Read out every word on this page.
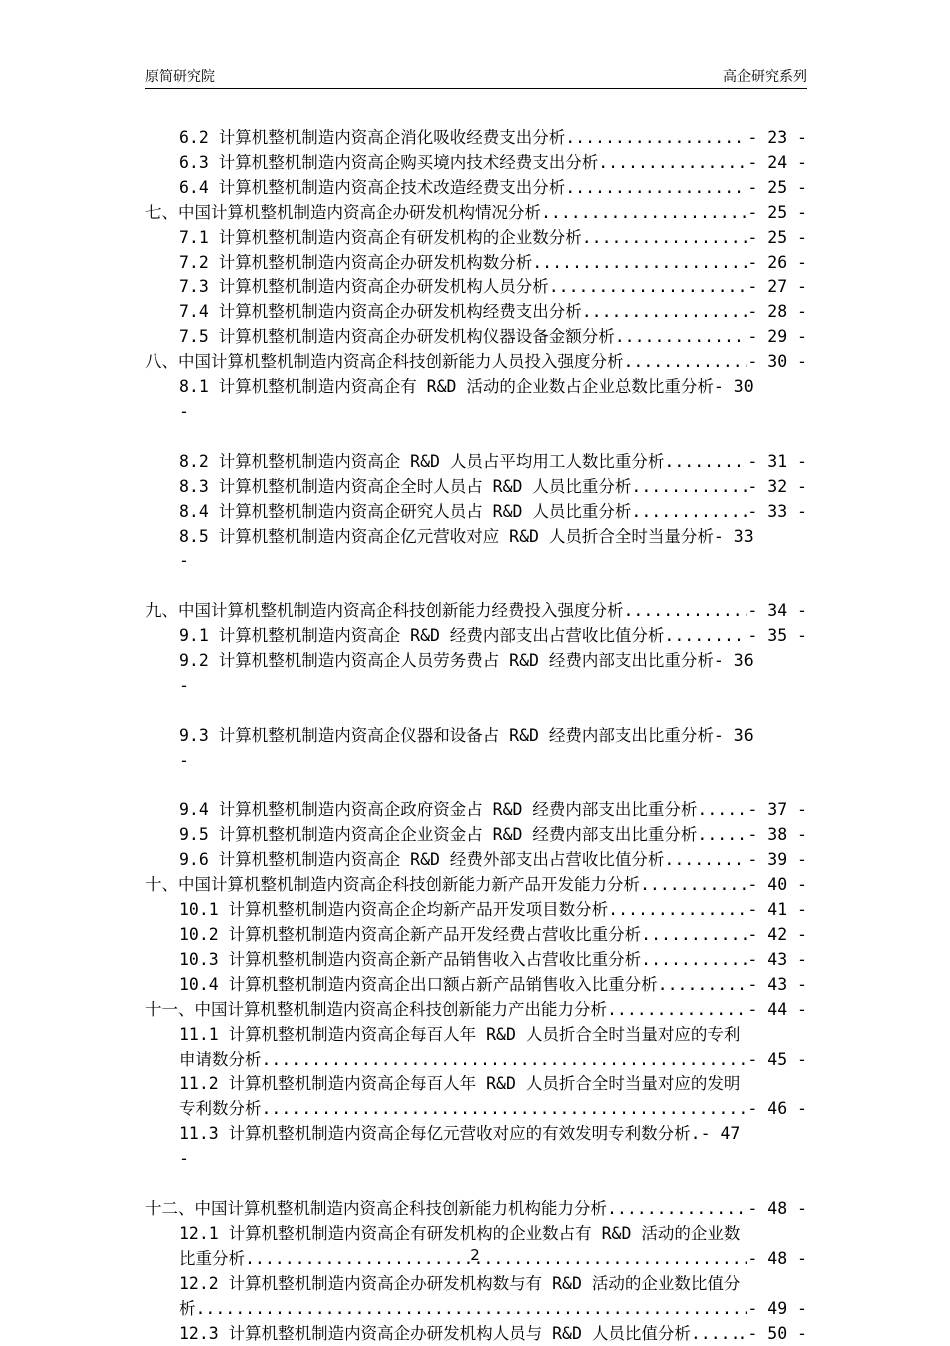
原简研究院	高企研究系列
6.2 计算机整机制造内资高企消化吸收经费支出分析 .....	- 23 -
6.3 计算机整机制造内资高企购买境内技术经费支出分析 .....	- 24 -
6.4 计算机整机制造内资高企技术改造经费支出分析 .....	- 25 -
七、中国计算机整机制造内资高企办研发机构情况分析 .....	- 25 -
7.1 计算机整机制造内资高企有研发机构的企业数分析 .....	- 25 -
7.2 计算机整机制造内资高企办研发机构数分析 .....	- 26 -
7.3 计算机整机制造内资高企办研发机构人员分析 .....	- 27 -
7.4 计算机整机制造内资高企办研发机构经费支出分析 .....	- 28 -
7.5 计算机整机制造内资高企办研发机构仪器设备金额分析 .....	- 29 -
八、中国计算机整机制造内资高企科技创新能力人员投入强度分析 .....	- 30 -
8.1 计算机整机制造内资高企有 R&D 活动的企业数占企业总数比重分析 - 30
-

8.2 计算机整机制造内资高企 R&D 人员占平均用工人数比重分析 .....	- 31 -
8.3 计算机整机制造内资高企全时人员占 R&D 人员比重分析 .....	- 32 -
8.4 计算机整机制造内资高企研究人员占 R&D 人员比重分析 .....	- 33 -
8.5 计算机整机制造内资高企亿元营收对应 R&D 人员折合全时当量分析 - 33
-

九、中国计算机整机制造内资高企科技创新能力经费投入强度分析 .....	- 34 -
9.1 计算机整机制造内资高企 R&D 经费内部支出占营收比值分析 .....	- 35 -
9.2 计算机整机制造内资高企人员劳务费占 R&D 经费内部支出比重分析 - 36
-

9.3 计算机整机制造内资高企仪器和设备占 R&D 经费内部支出比重分析 - 36
-

9.4 计算机整机制造内资高企政府资金占 R&D 经费内部支出比重分析 .....	- 37 -
9.5 计算机整机制造内资高企企业资金占 R&D 经费内部支出比重分析 .....	- 38 -
9.6 计算机整机制造内资高企 R&D 经费外部支出占营收比值分析 .....	- 39 -
十、中国计算机整机制造内资高企科技创新能力新产品开发能力分析 .....	- 40 -
10.1 计算机整机制造内资高企企均新产品开发项目数分析 .....	- 41 -
10.2 计算机整机制造内资高企新产品开发经费占营收比重分析 .....	- 42 -
10.3 计算机整机制造内资高企新产品销售收入占营收比重分析 .....	- 43 -
10.4 计算机整机制造内资高企出口额占新产品销售收入比重分析 .....	- 43 -
十一、中国计算机整机制造内资高企科技创新能力产出能力分析 .....	- 44 -
11.1 计算机整机制造内资高企每百人年 R&D 人员折合全时当量对应的专利
申请数分析 .....	- 45 -
11.2 计算机整机制造内资高企每百人年 R&D 人员折合全时当量对应的发明
专利数分析 .....	- 46 -
11.3 计算机整机制造内资高企每亿元营收对应的有效发明专利数分析. - 47
-

十二、中国计算机整机制造内资高企科技创新能力机构能力分析 .....	- 48 -
12.1 计算机整机制造内资高企有研发机构的企业数占有 R&D 活动的企业数
比重分析 .....	- 48 -
12.2 计算机整机制造内资高企办研发机构数与有 R&D 活动的企业数比值分
析 .....	- 49 -
12.3 计算机整机制造内资高企办研发机构人员与 R&D 人员比值分析. ..... .- 50 -
2
